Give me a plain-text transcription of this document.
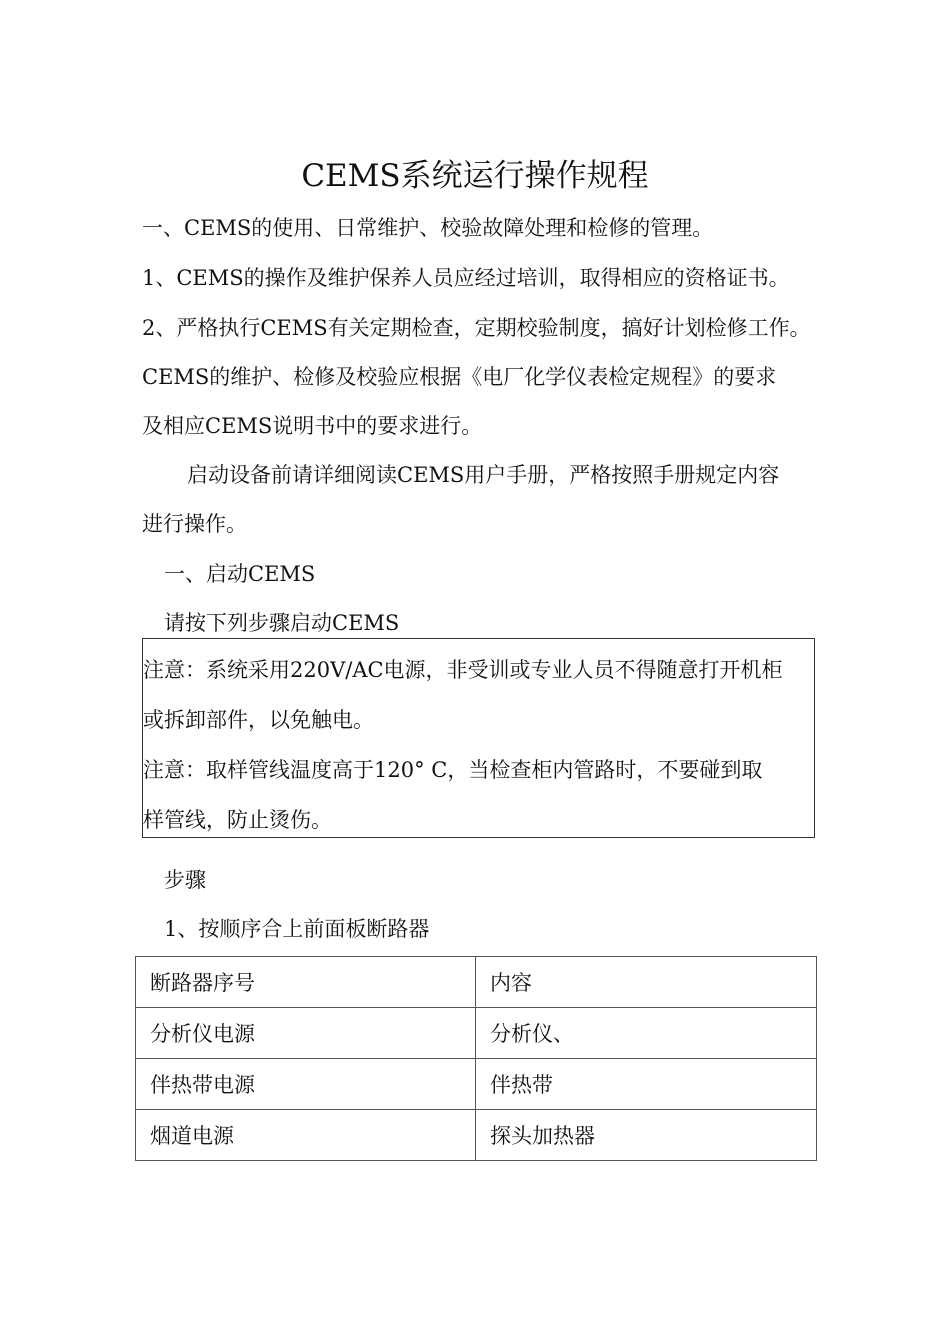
CEMS系统运行操作规程
一、CEMS的使用、日常维护、校验故障处理和检修的管理。
1、CEMS的操作及维护保养人员应经过培训，取得相应的资格证书。
2、严格执行CEMS有关定期检查，定期校验制度，搞好计划检修工作。
CEMS的维护、检修及校验应根据《电厂化学仪表检定规程》的要求
及相应CEMS说明书中的要求进行。
启动设备前请详细阅读CEMS用户手册，严格按照手册规定内容
进行操作。
一、启动CEMS
请按下列步骤启动CEMS
注意：系统采用220V/AC电源，非受训或专业人员不得随意打开机柜
或拆卸部件，以免触电。
注意：取样管线温度高于120° C，当检查柜内管路时，不要碰到取
样管线，防止烫伤。
步骤
1、按顺序合上前面板断路器
断路器序号	内容
分析仪电源	分析仪、
伴热带电源	伴热带
烟道电源	探头加热器
